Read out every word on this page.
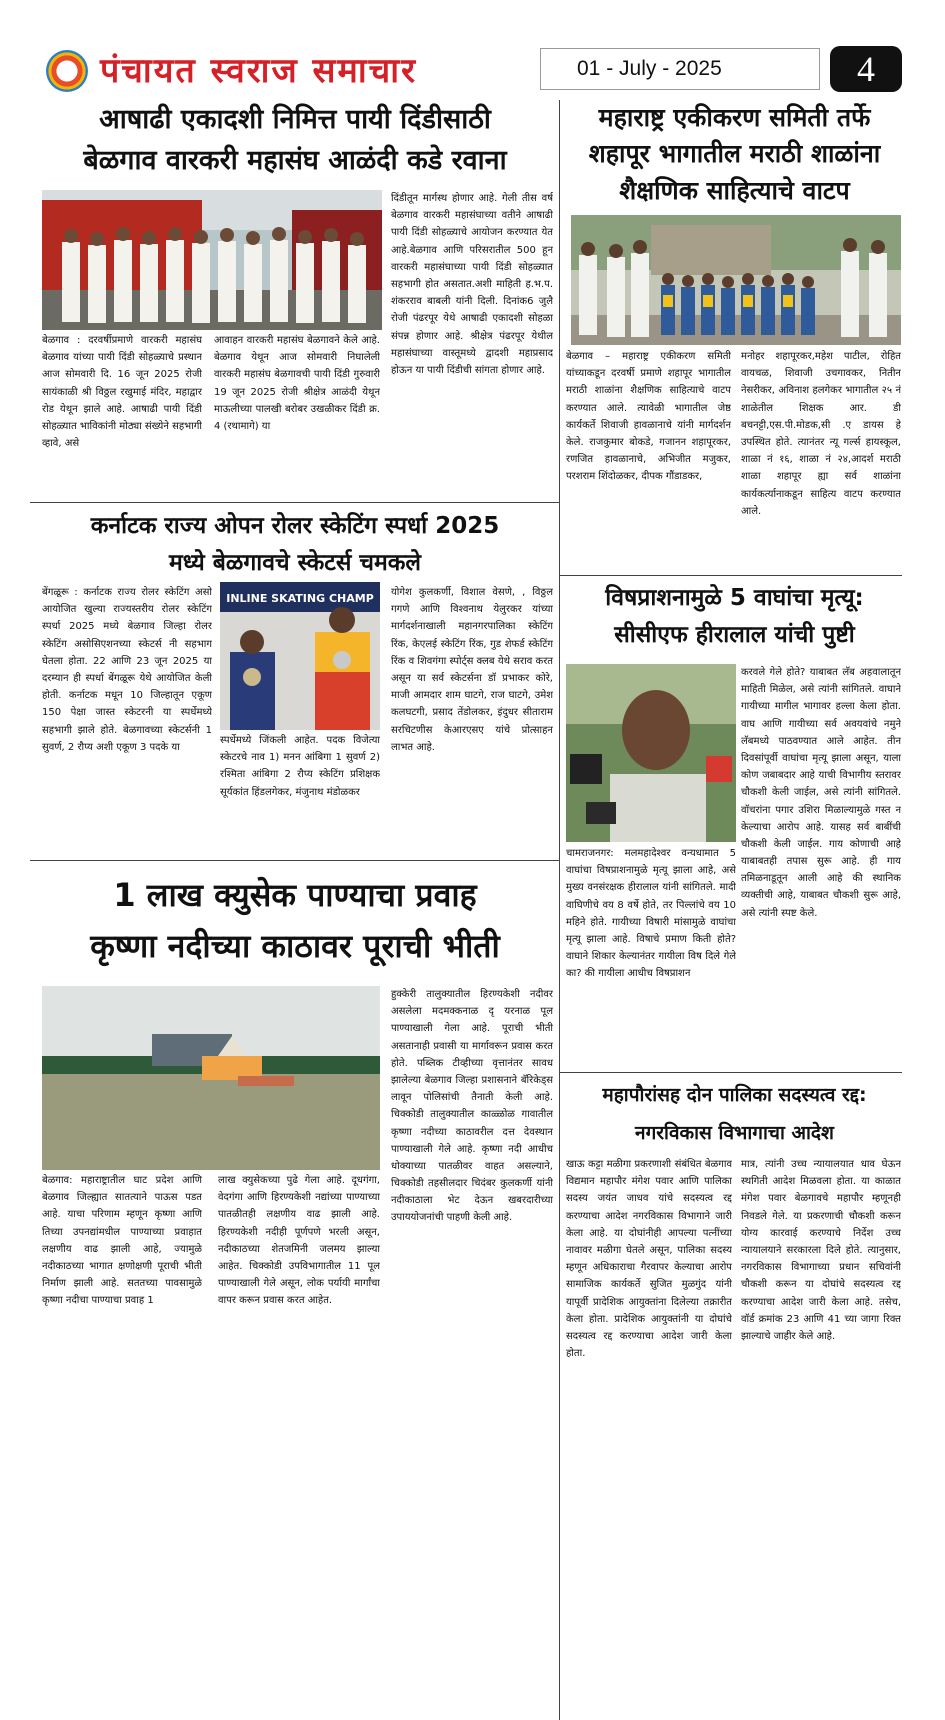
पंचायत स्वराज समाचार	01 - July - 2025	4
आषाढी एकादशी निमित्त पायी दिंडीसाठी
बेळगाव वारकरी महासंघ आळंदी कडे रवाना
बेळगाव : दरवर्षीप्रमाणे वारकरी महासंघ बेळगाव यांच्या पायी दिंडी सोहळ्याचे प्रस्थान आज सोमवारी दि. 16 जून 2025 रोजी सायंकाळी श्री विठ्ठल रखुमाई मंदिर, महाद्वार रोड येथून झाले आहे. आषाढी पायी दिंडी सोहळ्यात भाविकांनी मोठ्या संख्येने सहभागी व्हावे, असे
आवाहन वारकरी महासंघ बेळगावने केले आहे. बेळगाव येथून आज सोमवारी निघालेली वारकरी महासंघ बेळगावची पायी दिंडी गुरुवारी 19 जून 2025 रोजी श्रीक्षेत्र आळंदी येथून माऊलीच्या पालखी बरोबर उखळीकर दिंडी क्र. 4 (रथामागे) या
दिंडीतून मार्गस्थ होणार आहे. गेली तीस वर्ष बेळगाव वारकरी महासंघाच्या वतीने आषाढी पायी दिंडी सोहळ्याचे आयोजन करण्यात येत आहे.बेळगाव आणि परिसरातील 500 हून वारकरी महासंघाच्या पायी दिंडी सोहळ्यात सहभागी होत असतात.अशी माहिती ह.भ.प. शंकरराव बाबली यांनी दिली. दिनांक6 जुलै रोजी पंढरपूर येथे आषाढी एकादशी सोहळा संपन्न होणार आहे. श्रीक्षेत्र पंढरपूर येथील महासंघाच्या वास्तूमध्ये द्वादशी महाप्रसाद होऊन या पायी दिंडीची सांगता होणार आहे.
महाराष्ट्र एकीकरण समिती तर्फे
शहापूर भागातील मराठी शाळांना
शैक्षणिक साहित्याचे वाटप
बेळगाव – महाराष्ट्र एकीकरण समिती यांच्याकडून दरवर्षी प्रमाणे शहापूर भागातील मराठी शाळांना शैक्षणिक साहित्याचे वाटप करण्यात आले. त्यावेळी भागातील जेष्ठ कार्यकर्ते शिवाजी हावळानाचे यांनी मार्गदर्शन केले. राजकुमार बोकडे, गजानन शहापूरकर, रणजित हावळानाचे, अभिजीत मजुकर, परशराम शिंदोळकर, दीपक गौंडाडकर,
मनोहर शहापूरकर,महेश पाटील, रोहित वायचळ, शिवाजी उचगावकर, नितीन नेसरीकर, अविनाश हलगेकर भागातील २५ नं शाळेतील शिक्षक आर. डी बचनट्टी,एस.पी.मोडक,सी .ए डायस हे उपस्थित होते. त्यानंतर न्यू गर्ल्स हायस्कूल, शाळा नं १६, शाळा नं २४,आदर्श मराठी शाळा शहापूर ह्या सर्व शाळांना कार्यकर्त्यानाकडून साहित्य वाटप करण्यात आले.
कर्नाटक राज्य ओपन रोलर स्केटिंग स्पर्धा 2025
मध्ये बेळगावचे स्केटर्स चमकले
INLINE SKATING CHAMP
बेंगळूरू : कर्नाटक राज्य रोलर स्केटिंग असो आयोजित खुल्या राज्यस्तरीय रोलर स्केटिंग स्पर्धा 2025 मध्ये बेळगाव जिल्हा रोलर स्केटिंग असोसिएशनच्या स्केटर्स नी सहभाग घेतला होता. 22 आणि 23 जून 2025 या दरम्यान ही स्पर्धा बेंगळूरू येथे आयोजित केली होती. कर्नाटक मधून 10 जिल्हातून एकूण 150 पेक्षा जास्त स्केटरनी या स्पर्धेमध्ये सहभागी झाले होते. बेळगावच्या स्केटर्सनी 1 सुवर्ण, 2 रौप्य अशी एकूण 3 पदके या
स्पर्धेमध्ये जिंकली आहेत. पदक विजेत्या स्केटरचे नाव 1) मनन आंबिगा 1 सुवर्ण 2) रश्मिता आंबिगा 2 रौप्य स्केटिंग प्रशिक्षक सूर्यकांत हिंडलगेकर, मंजुनाथ मंडोळकर
योगेश कुलकर्णी, विशाल वेसणे, , विठ्ठल गगणे आणि विश्वनाथ येलुरकर यांच्या मार्गदर्शनाखाली महानगरपालिका स्केटिंग रिंक, केएलई स्केटिंग रिंक, गुड शेफर्ड स्केटिंग रिंक व शिवगंगा स्पोर्ट्स क्लब येथे सराव करत असून या सर्व स्केटर्सना डॉ प्रभाकर कोरे, माजी आमदार शाम घाटगे, राज घाटगे, उमेश कलघटगी, प्रसाद तेंडोलकर, इंदुधर सीताराम सरचिटणीस केआरएसए यांचे प्रोत्साहन लाभत आहे.
विषप्राशनामुळे 5 वाघांचा मृत्यू:
सीसीएफ हीरालाल यांची पुष्टी
चामराजनगर: मलमहादेश्वर वन्यधामात 5 वाघांचा विषप्राशनामुळे मृत्यू झाला आहे, असे मुख्य वनसंरक्षक हीरालाल यांनी सांगितले. मादी वाघिणीचे वय 8 वर्षे होते, तर पिल्लांचे वय 10 महिने होते. गायीच्या विषारी मांसामुळे वाघांचा मृत्यू झाला आहे. विषाचे प्रमाण किती होते? वाघाने शिकार केल्यानंतर गायीला विष दिले गेले का? की गायीला आधीच विषप्राशन
करवले गेले होते? याबाबत लॅब अहवालातून माहिती मिळेल, असे त्यांनी सांगितले. वाघाने गायीच्या मागील भागावर हल्ला केला होता. वाघ आणि गायीच्या सर्व अवयवांचे नमुने लॅबमध्ये पाठवण्यात आले आहेत. तीन दिवसांपूर्वी वाघांचा मृत्यू झाला असून, याला कोण जबाबदार आहे याची विभागीय स्तरावर चौकशी केली जाईल, असे त्यांनी सांगितले. वॉचरांना पगार उशिरा मिळाल्यामुळे गस्त न केल्याचा आरोप आहे. यासह सर्व बाबींची चौकशी केली जाईल. गाय कोणाची आहे याबाबतही तपास सुरू आहे. ही गाय तमिळनाडूतून आली आहे की स्थानिक व्यक्तीची आहे, याबाबत चौकशी सुरू आहे, असे त्यांनी स्पष्ट केले.
1 लाख क्युसेक पाण्याचा प्रवाह
कृष्णा नदीच्या काठावर पूराची भीती
बेळगाव: महाराष्ट्रातील घाट प्रदेश आणि बेळगाव जिल्ह्यात सातत्याने पाऊस पडत आहे. याचा परिणाम म्हणून कृष्णा आणि तिच्या उपनद्यांमधील पाण्याच्या प्रवाहात लक्षणीय वाढ झाली आहे, ज्यामुळे नदीकाठच्या भागात क्षणोक्षणी पूराची भीती निर्माण झाली आहे. सततच्या पावसामुळे कृष्णा नदीचा पाण्याचा प्रवाह 1
लाख क्युसेकच्या पुढे गेला आहे. दूधगंगा, वेदगंगा आणि हिरण्यकेशी नद्यांच्या पाण्याच्या पातळीतही लक्षणीय वाढ झाली आहे. हिरण्यकेशी नदीही पूर्णपणे भरली असून, नदीकाठच्या शेतजमिनी जलमय झाल्या आहेत. चिक्कोडी उपविभागातील 11 पूल पाण्याखाली गेले असून, लोक पर्यायी मार्गांचा वापर करून प्रवास करत आहेत.
हुक्केरी तालुक्यातील हिरण्यकेशी नदीवर असलेला मदमक्कनाळ दृ यरनाळ पूल पाण्याखाली गेला आहे. पूराची भीती असतानाही प्रवासी या मार्गावरून प्रवास करत होते. पब्लिक टीव्हीच्या वृत्तानंतर सावध झालेल्या बेळगाव जिल्हा प्रशासनाने बॅरिकेड्स लावून पोलिसांची तैनाती केली आहे. चिक्कोडी तालुक्यातील काळ्ळोळ गावातील कृष्णा नदीच्या काठावरील दत्त देवस्थान पाण्याखाली गेले आहे. कृष्णा नदी आधीच धोक्याच्या पातळीवर वाहत असल्याने, चिक्कोडी तहसीलदार चिदंबर कुलकर्णी यांनी नदीकाठाला भेट देऊन खबरदारीच्या उपाययोजनांची पाहणी केली आहे.
महापौरांसह दोन पालिका सदस्यत्व रद्द:
नगरविकास विभागाचा आदेश
खाऊ कट्टा मळीगा प्रकरणाशी संबंधित बेळगाव विद्यमान महापौर मंगेश पवार आणि पालिका सदस्य जयंत जाधव यांचे सदस्यत्व रद्द करण्याचा आदेश नगरविकास विभागाने जारी केला आहे. या दोघांनीही आपल्या पत्नींच्या नावावर मळीगा घेतले असून, पालिका सदस्य म्हणून अधिकाराचा गैरवापर केल्याचा आरोप सामाजिक कार्यकर्ते सुजित मुळगुंद यांनी यापूर्वी प्रादेशिक आयुक्तांना दिलेल्या तक्रारीत केला होता. प्रादेशिक आयुक्तांनी या दोघांचे सदस्यत्व रद्द करण्याचा आदेश जारी केला होता.
मात्र, त्यांनी उच्च न्यायालयात धाव घेऊन स्थगिती आदेश मिळवला होता. या काळात मंगेश पवार बेळगावचे महापौर म्हणूनही निवडले गेले. या प्रकरणाची चौकशी करून योग्य कारवाई करण्याचे निर्देश उच्च न्यायालयाने सरकारला दिले होते. त्यानुसार, नगरविकास विभागाच्या प्रधान सचिवांनी चौकशी करून या दोघांचे सदस्यत्व रद्द करण्याचा आदेश जारी केला आहे. तसेच, वॉर्ड क्रमांक 23 आणि 41 च्या जागा रिक्त झाल्याचे जाहीर केले आहे.
